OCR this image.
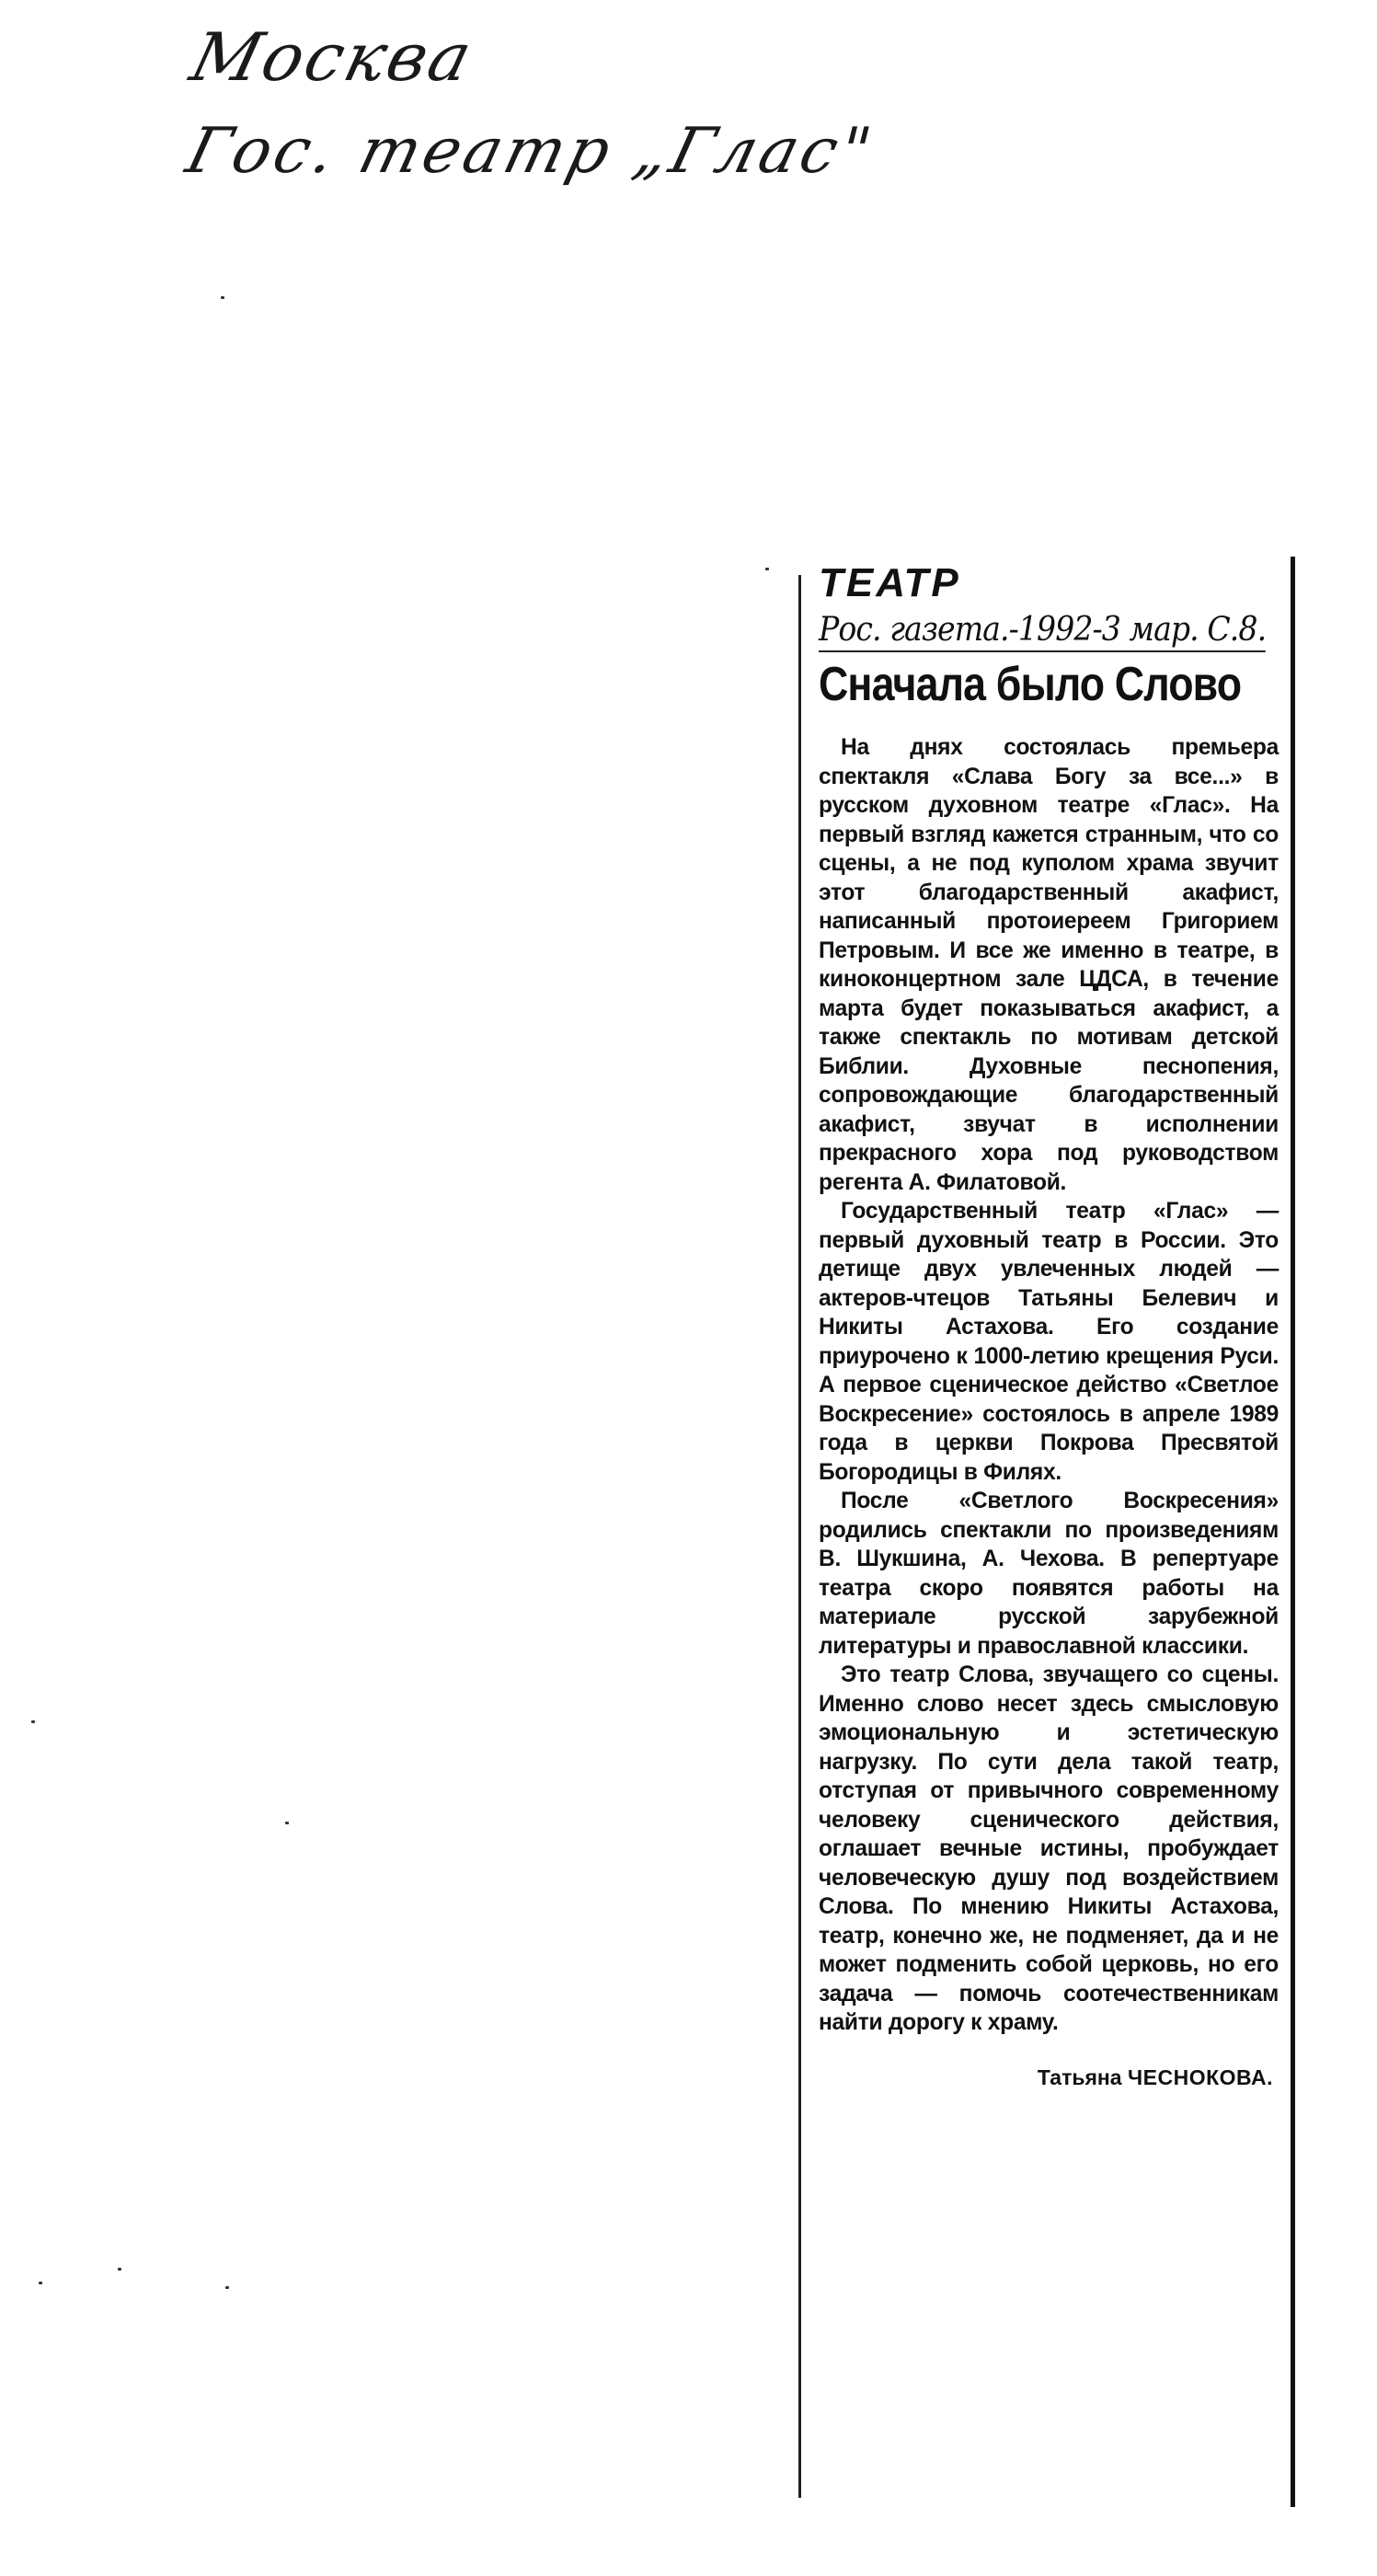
Москва
Гос. театр „Глас"
ТЕАТР
Рос. газета.-1992-3 мар. С.8.
Сначала было Слово

На днях состоялась премьера спектакля «Слава Богу за все...» в русском духовном театре «Глас». На первый взгляд кажется странным, что со сцены, а не под куполом храма звучит этот благодарственный акафист, написанный протоиереем Григорием Петровым. И все же именно в театре, в киноконцертном зале ЦДСА, в течение марта будет показываться акафист, а также спектакль по мотивам детской Библии. Духовные песнопения, сопровождающие благодарственный акафист, звучат в исполнении прекрасного хора под руководством регента А. Филатовой.

Государственный театр «Глас» — первый духовный театр в России. Это детище двух увлеченных людей — актеров-чтецов Татьяны Белевич и Никиты Астахова. Его создание приурочено к 1000-летию крещения Руси. А первое сценическое действо «Светлое Воскресение» состоялось в апреле 1989 года в церкви Покрова Пресвятой Богородицы в Филях.

После «Светлого Воскресения» родились спектакли по произведениям В. Шукшина, А. Чехова. В репертуаре театра скоро появятся работы на материале русской зарубежной литературы и православной классики.

Это театр Слова, звучащего со сцены. Именно слово несет здесь смысловую эмоциональную и эстетическую нагрузку. По сути дела такой театр, отступая от привычного современному человеку сценического действия, оглашает вечные истины, пробуждает человеческую душу под воздействием Слова. По мнению Никиты Астахова, театр, конечно же, не подменяет, да и не может подменить собой церковь, но его задача — помочь соотечественникам найти дорогу к храму.

Татьяна ЧЕСНОКОВА.
